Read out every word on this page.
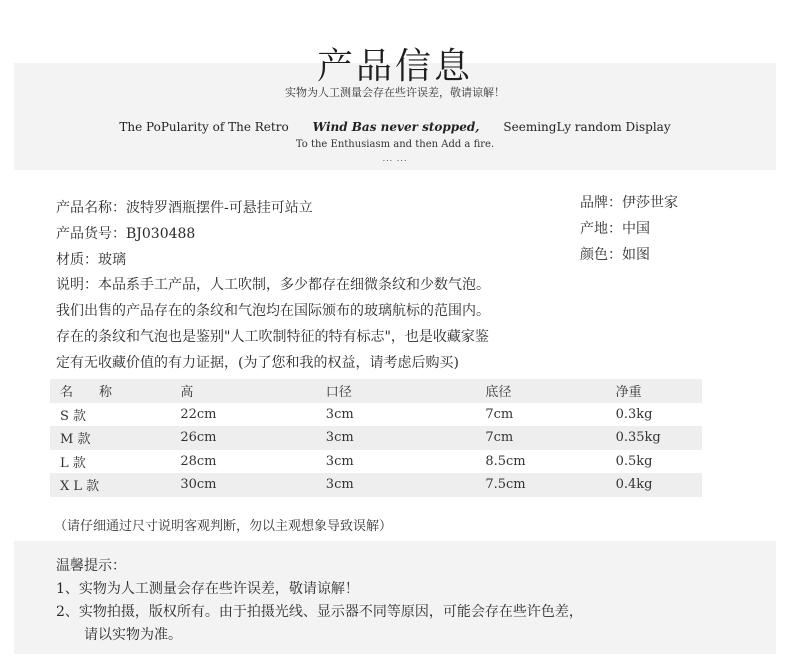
产品信息
实物为人工测量会存在些许误差，敬请谅解！
The PoPularity of The Retro Wind Bas never stopped, SeemingLy random Display
To the Enthusiasm and then Add a fire.
... ...
产品名称：波特罗酒瓶摆件-可悬挂可站立
产品货号：BJ030488
材质：玻璃
品牌：伊莎世家
产地：中国
颜色：如图
说明：本品系手工产品，人工吹制，多少都存在细微条纹和少数气泡。
我们出售的产品存在的条纹和气泡均在国际颁布的玻璃航标的范围内。
存在的条纹和气泡也是鉴别"人工吹制特征的特有标志"，也是收藏家鉴
定有无收藏价值的有力证据，(为了您和我的权益，请考虑后购买)
名　　称	高	口径	底径	净重
S 款	22cm	3cm	7cm	0.3kg
M 款	26cm	3cm	7cm	0.35kg
L 款	28cm	3cm	8.5cm	0.5kg
X L 款	30cm	3cm	7.5cm	0.4kg
（请仔细通过尺寸说明客观判断，勿以主观想象导致误解）
温馨提示：
1、实物为人工测量会存在些许误差，敬请谅解！
2、实物拍摄，版权所有。由于拍摄光线、显示器不同等原因，可能会存在些许色差，
请以实物为准。
